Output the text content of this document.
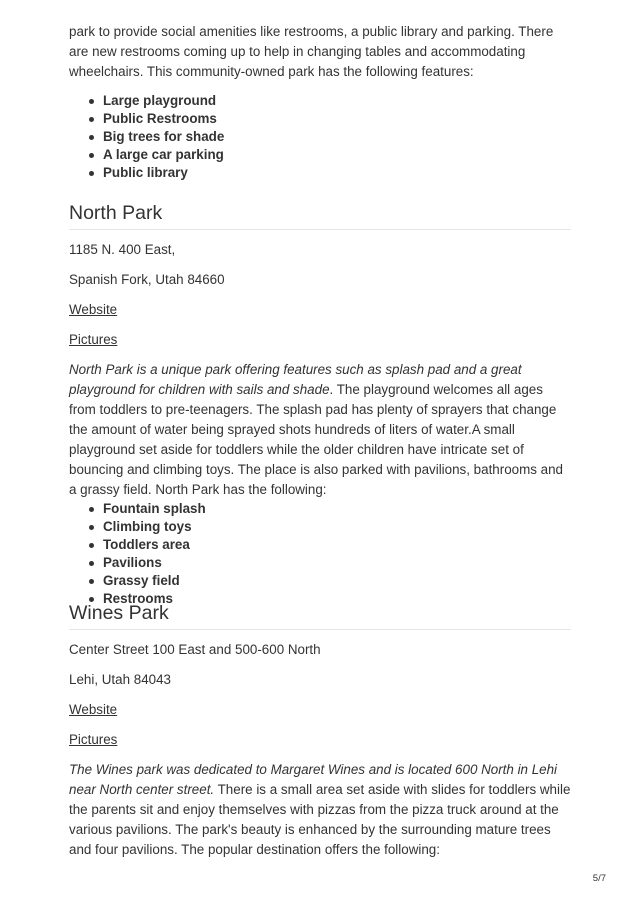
park to provide social amenities like restrooms, a public library and parking. There are new restrooms coming up to help in changing tables and accommodating wheelchairs. This community-owned park has the following features:

Large playground
Public Restrooms
Big trees for shade
A large car parking
Public library
North Park

1185 N. 400 East,

Spanish Fork, Utah 84660

Website

Pictures

North Park is a unique park offering features such as splash pad and a great playground for children with sails and shade. The playground welcomes all ages from toddlers to pre-teenagers. The splash pad has plenty of sprayers that change the amount of water being sprayed shots hundreds of liters of water.A small playground set aside for toddlers while the older children have intricate set of bouncing and climbing toys. The place is also parked with pavilions, bathrooms and a grassy field. North Park has the following:

Fountain splash
Climbing toys
Toddlers area
Pavilions
Grassy field
Restrooms
Wines Park

Center Street 100 East and 500-600 North

Lehi, Utah 84043

Website

Pictures

The Wines park was dedicated to Margaret Wines and is located 600 North in Lehi near North center street. There is a small area set aside with slides for toddlers while the parents sit and enjoy themselves with pizzas from the pizza truck around at the various pavilions. The park's beauty is enhanced by the surrounding mature trees and four pavilions. The popular destination offers the following:

5/7
